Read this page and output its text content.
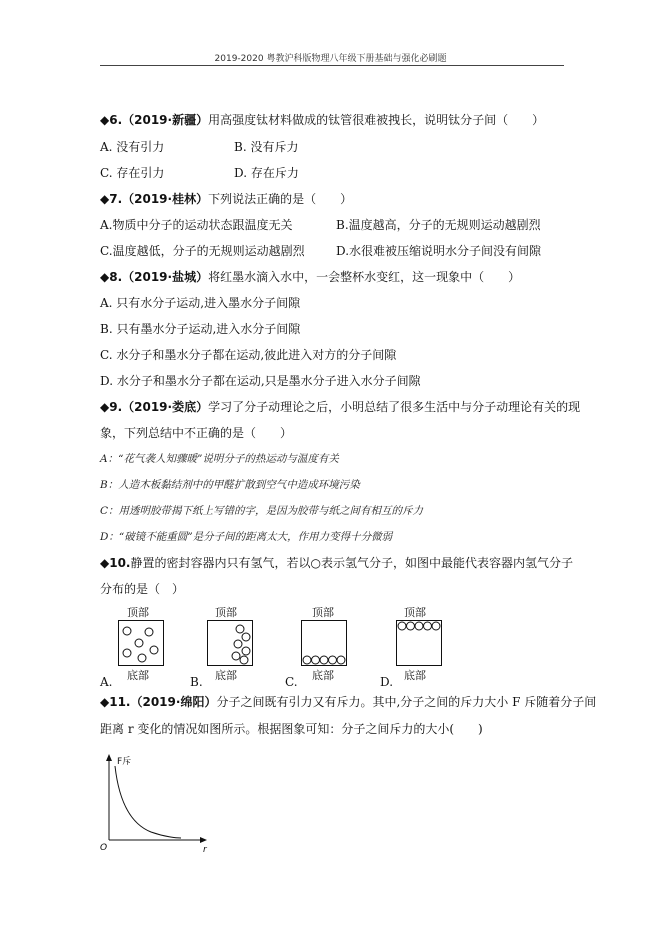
2019-2020 粤教沪科版物理八年级下册基础与强化必刷题
◆6.（2019·新疆）用高强度钛材料做成的钛管很难被拽长，说明钛分子间（　　）
A. 没有引力	B. 没有斥力
C. 存在引力	D. 存在斥力
◆7.（2019·桂林）下列说法正确的是（　　）
A.物质中分子的运动状态跟温度无关	B.温度越高，分子的无规则运动越剧烈
C.温度越低，分子的无规则运动越剧烈	D.水很难被压缩说明水分子间没有间隙
◆8.（2019·盐城）将红墨水滴入水中，一会整杯水变红，这一现象中（　　）
A. 只有水分子运动,进入墨水分子间隙
B. 只有墨水分子运动,进入水分子间隙
C. 水分子和墨水分子都在运动,彼此进入对方的分子间隙
D. 水分子和墨水分子都在运动,只是墨水分子进入水分子间隙
◆9.（2019·娄底）学习了分子动理论之后，小明总结了很多生活中与分子动理论有关的现
象，下列总结中不正确的是（　　）
A：“花气袭人知骤暖”说明分子的热运动与温度有关
B：人造木板黏结剂中的甲醛扩散到空气中造成环境污染
C：用透明胶带揭下纸上写错的字，是因为胶带与纸之间有相互的斥力
D：“破镜不能重圆”是分子间的距离太大，作用力变得十分微弱
◆10.静置的密封容器内只有氢气，若以○表示氢气分子，如图中最能代表容器内氢气分子
分布的是（　）
顶部
底部
A.
顶部
底部
B.
顶部
底部
C.
顶部
底部
D.
◆11.（2019·绵阳）分子之间既有引力又有斥力。其中,分子之间的斥力大小 F 斥随着分子间
距离 r 变化的情况如图所示。根据图象可知：分子之间斥力的大小(　　)
F斥
r
O
